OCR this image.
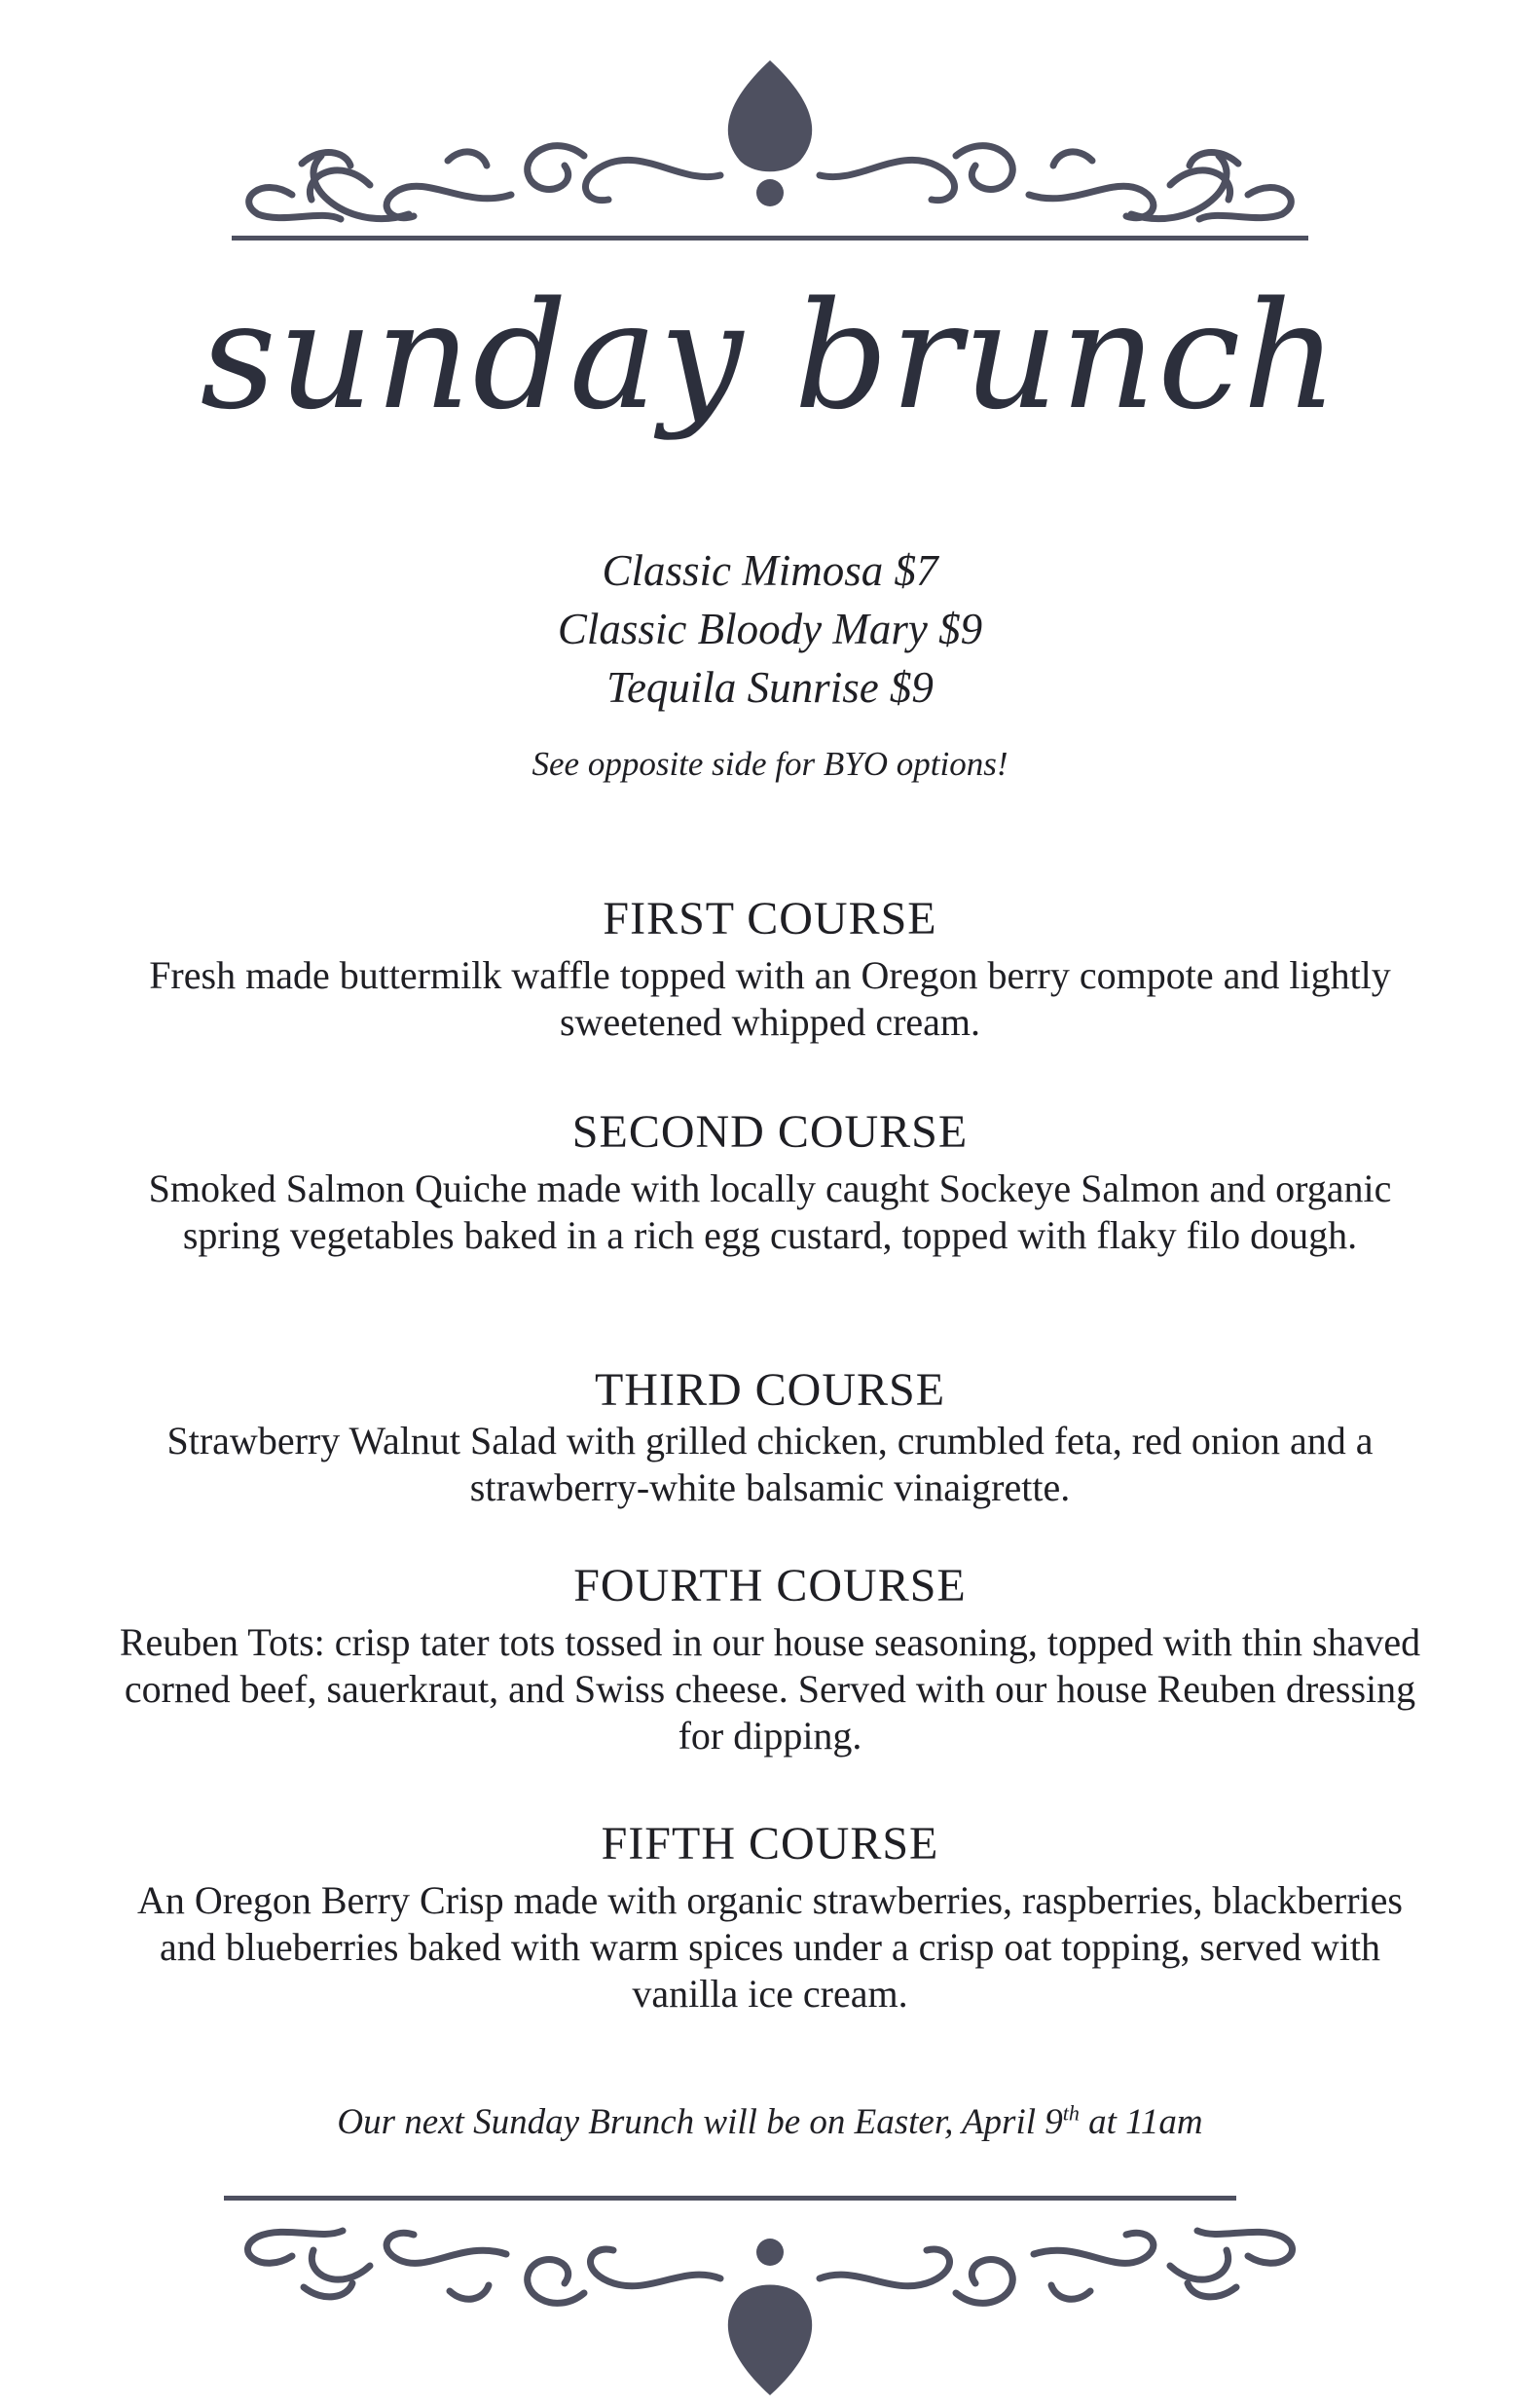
sunday brunch
Classic Mimosa $7
Classic Bloody Mary $9
Tequila Sunrise $9
See opposite side for BYO options!
FIRST COURSE
Fresh made buttermilk waffle topped with an Oregon berry compote and lightly sweetened whipped cream.
SECOND COURSE
Smoked Salmon Quiche made with locally caught Sockeye Salmon and organic spring vegetables baked in a rich egg custard, topped with flaky filo dough.
THIRD COURSE
Strawberry Walnut Salad with grilled chicken, crumbled feta, red onion and a strawberry-white balsamic vinaigrette.
FOURTH COURSE
Reuben Tots: crisp tater tots tossed in our house seasoning, topped with thin shaved corned beef, sauerkraut, and Swiss cheese. Served with our house Reuben dressing for dipping.
FIFTH COURSE
An Oregon Berry Crisp made with organic strawberries, raspberries, blackberries and blueberries baked with warm spices under a crisp oat topping, served with vanilla ice cream.
Our next Sunday Brunch will be on Easter, April 9th at 11am
